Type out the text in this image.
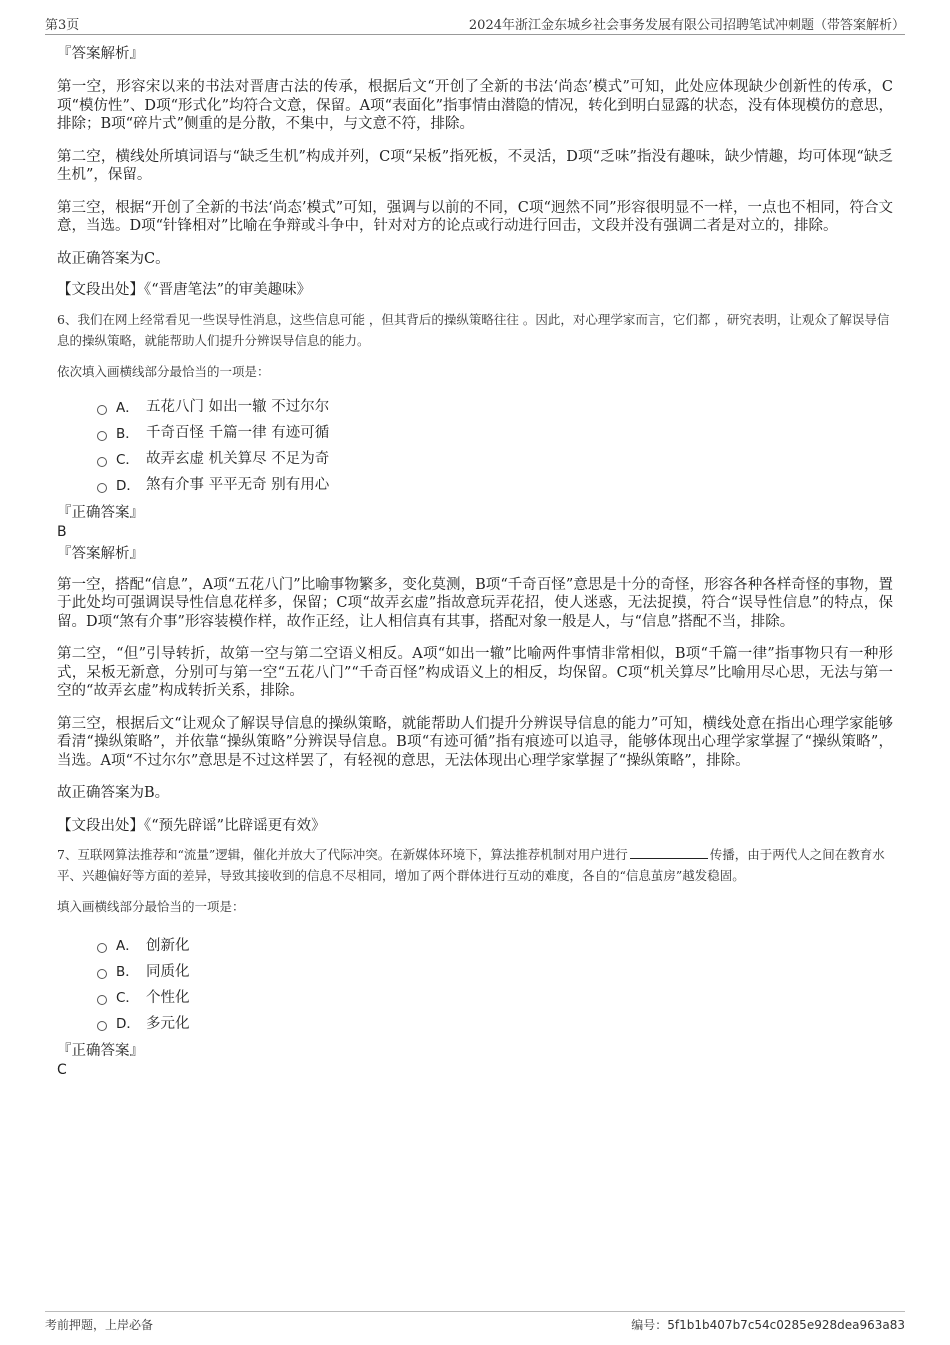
第3页	2024年浙江金东城乡社会事务发展有限公司招聘笔试冲刺题（带答案解析）

『答案解析』

第一空，形容宋以来的书法对晋唐古法的传承，根据后文“开创了全新的书法‘尚态’模式”可知，此处应体现缺少创新性的传承，C项“模仿性”、D项“形式化”均符合文意，保留。A项“表面化”指事情由潜隐的情况，转化到明白显露的状态，没有体现模仿的意思，排除；B项“碎片式”侧重的是分散，不集中，与文意不符，排除。

第二空，横线处所填词语与“缺乏生机”构成并列，C项“呆板”指死板，不灵活，D项“乏味”指没有趣味，缺少情趣，均可体现“缺乏生机”，保留。

第三空，根据“开创了全新的书法‘尚态’模式”可知，强调与以前的不同，C项“迥然不同”形容很明显不一样，一点也不相同，符合文意，当选。D项“针锋相对”比喻在争辩或斗争中，针对对方的论点或行动进行回击，文段并没有强调二者是对立的，排除。

故正确答案为C。

【文段出处】《“晋唐笔法”的审美趣味》

6、我们在网上经常看见一些误导性消息，这些信息可能 ，但其背后的操纵策略往往 。因此，对心理学家而言，它们都 ，研究表明，让观众了解误导信息的操纵策略，就能帮助人们提升分辨误导信息的能力。

依次填入画横线部分最恰当的一项是：

A． 五花八门 如出一辙 不过尔尔
B． 千奇百怪 千篇一律 有迹可循
C． 故弄玄虚 机关算尽 不足为奇
D． 煞有介事 平平无奇 别有用心

『正确答案』

B

『答案解析』

第一空，搭配“信息”，A项“五花八门”比喻事物繁多，变化莫测，B项“千奇百怪”意思是十分的奇怪，形容各种各样奇怪的事物，置于此处均可强调误导性信息花样多，保留；C项“故弄玄虚”指故意玩弄花招，使人迷惑，无法捉摸，符合“误导性信息”的特点，保留。D项“煞有介事”形容装模作样，故作正经，让人相信真有其事，搭配对象一般是人，与“信息”搭配不当，排除。

第二空，“但”引导转折，故第一空与第二空语义相反。A项“如出一辙”比喻两件事情非常相似，B项“千篇一律”指事物只有一种形式，呆板无新意，分别可与第一空“五花八门”“千奇百怪”构成语义上的相反，均保留。C项“机关算尽”比喻用尽心思，无法与第一空的“故弄玄虚”构成转折关系，排除。

第三空，根据后文“让观众了解误导信息的操纵策略，就能帮助人们提升分辨误导信息的能力”可知，横线处意在指出心理学家能够看清“操纵策略”，并依靠“操纵策略”分辨误导信息。B项“有迹可循”指有痕迹可以追寻，能够体现出心理学家掌握了“操纵策略”，当选。A项“不过尔尔”意思是不过这样罢了，有轻视的意思，无法体现出心理学家掌握了“操纵策略”，排除。

故正确答案为B。

【文段出处】《“预先辟谣”比辟谣更有效》

7、互联网算法推荐和“流量”逻辑，催化并放大了代际冲突。在新媒体环境下，算法推荐机制对用户进行	传播，由于两代人之间在教育水平、兴趣偏好等方面的差异，导致其接收到的信息不尽相同，增加了两个群体进行互动的难度，各自的“信息茧房”越发稳固。

填入画横线部分最恰当的一项是：

A． 创新化
B． 同质化
C． 个性化
D． 多元化

『正确答案』

C

考前押题，上岸必备	编号：5f1b1b407b7c54c0285e928dea963a83
